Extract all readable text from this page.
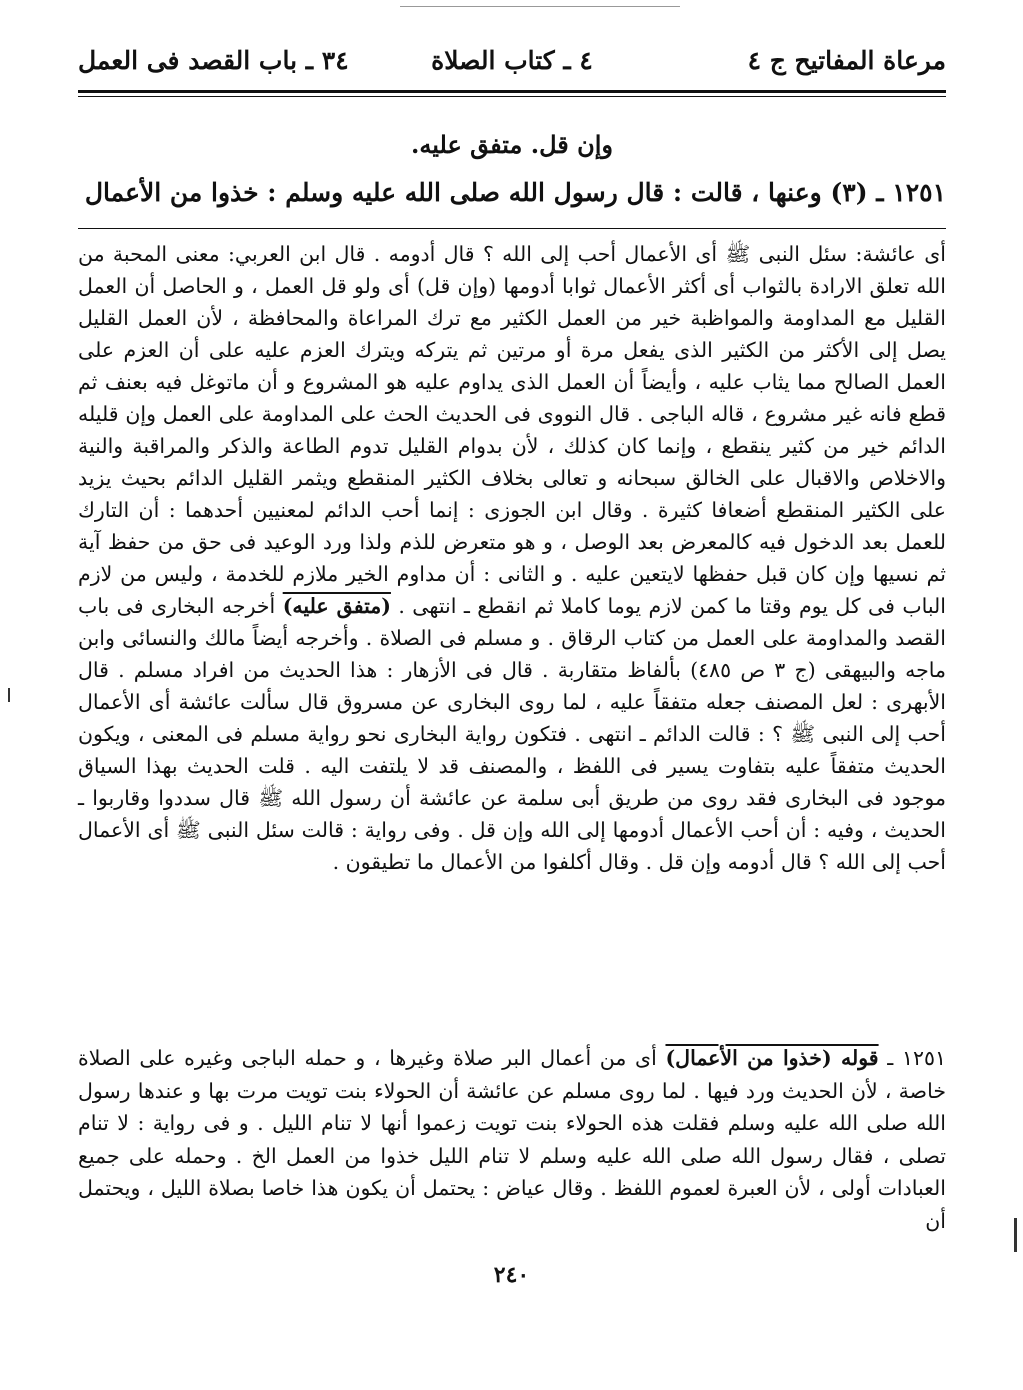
مرعاة المفاتيح ج ٤
٤ ـ كتاب الصلاة
٣٤ ـ باب القصد فى العمل
وإن قل. متفق عليه.
١٢٥١ ـ (٣) وعنها ، قالت : قال رسول الله صلى الله عليه وسلم : خذوا من الأعمال
أى عائشة: سئل النبى ﷺ أى الأعمال أحب إلى الله ؟ قال أدومه . قال ابن العربي: معنى المحبة من الله تعلق الارادة بالثواب أى أكثر الأعمال ثوابا أدومها (وإن قل) أى ولو قل العمل ، و الحاصل أن العمل القليل مع المداومة والمواظبة خير من العمل الكثير مع ترك المراعاة والمحافظة ، لأن العمل القليل يصل إلى الأكثر من الكثير الذى يفعل مرة أو مرتين ثم يتركه ويترك العزم عليه على أن العزم على العمل الصالح مما يثاب عليه ، وأيضاً أن العمل الذى يداوم عليه هو المشروع و أن ماتوغل فيه بعنف ثم قطع فانه غير مشروع ، قاله الباجى . قال النووى فى الحديث الحث على المداومة على العمل وإن قليله الدائم خير من كثير ينقطع ، وإنما كان كذلك ، لأن بدوام القليل تدوم الطاعة والذكر والمراقبة والنية والاخلاص والاقبال على الخالق سبحانه و تعالى بخلاف الكثير المنقطع ويثمر القليل الدائم بحيث يزيد على الكثير المنقطع أضعافا كثيرة . وقال ابن الجوزى : إنما أحب الدائم لمعنيين أحدهما : أن التارك للعمل بعد الدخول فيه كالمعرض بعد الوصل ، و هو متعرض للذم ولذا ورد الوعيد فى حق من حفظ آية ثم نسيها وإن كان قبل حفظها لايتعين عليه . و الثانى : أن مداوم الخير ملازم للخدمة ، وليس من لازم الباب فى كل يوم وقتا ما كمن لازم يوما كاملا ثم انقطع ـ انتهى . (متفق عليه) أخرجه البخارى فى باب القصد والمداومة على العمل من كتاب الرقاق . و مسلم فى الصلاة . وأخرجه أيضاً مالك والنسائى وابن ماجه والبيهقى (ج ٣ ص ٤٨٥) بألفاظ متقاربة . قال فى الأزهار : هذا الحديث من افراد مسلم . قال الأبهرى : لعل المصنف جعله متفقاً عليه ، لما روى البخارى عن مسروق قال سألت عائشة أى الأعمال أحب إلى النبى ﷺ ؟ : قالت الدائم ـ انتهى . فتكون رواية البخارى نحو رواية مسلم فى المعنى ، ويكون الحديث متفقاً عليه بتفاوت يسير فى اللفظ ، والمصنف قد لا يلتفت اليه . قلت الحديث بهذا السياق موجود فى البخارى فقد روى من طريق أبى سلمة عن عائشة أن رسول الله ﷺ قال سددوا وقاربوا ـ الحديث ، وفيه : أن أحب الأعمال أدومها إلى الله وإن قل . وفى رواية : قالت سئل النبى ﷺ أى الأعمال أحب إلى الله ؟ قال أدومه وإن قل . وقال أكلفوا من الأعمال ما تطيقون .
١٢٥١ ـ قوله (خذوا من الأعمال) أى من أعمال البر صلاة وغيرها ، و حمله الباجى وغيره على الصلاة خاصة ، لأن الحديث ورد فيها . لما روى مسلم عن عائشة أن الحولاء بنت تويت مرت بها و عندها رسول الله صلى الله عليه وسلم فقلت هذه الحولاء بنت تويت زعموا أنها لا تنام الليل . و فى رواية : لا تنام تصلى ، فقال رسول الله صلى الله عليه وسلم لا تنام الليل خذوا من العمل الخ . وحمله على جميع العبادات أولى ، لأن العبرة لعموم اللفظ . وقال عياض : يحتمل أن يكون هذا خاصا بصلاة الليل ، ويحتمل أن
٢٤٠
